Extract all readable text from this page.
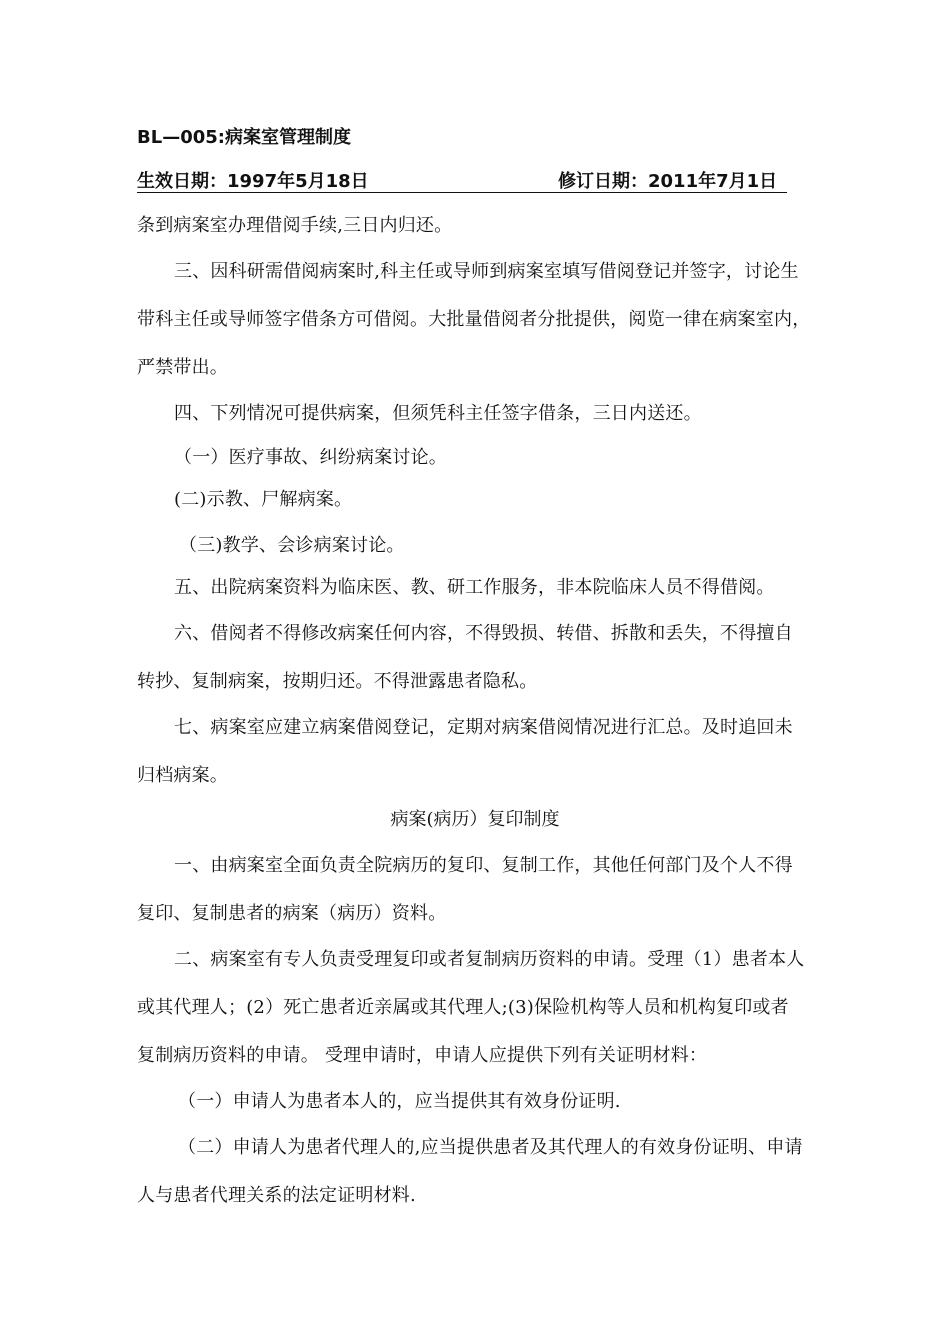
BL—005:病案室管理制度
生效日期：1997年5月18日	修订日期：2011年7月1日
条到病案室办理借阅手续,三日内归还。
三、因科研需借阅病案时,科主任或导师到病案室填写借阅登记并签字，讨论生
带科主任或导师签字借条方可借阅。大批量借阅者分批提供，阅览一律在病案室内，
严禁带出。
四、下列情况可提供病案，但须凭科主任签字借条，三日内送还。
（一）医疗事故、纠纷病案讨论。
(二)示教、尸解病案。
（三)教学、会诊病案讨论。
五、出院病案资料为临床医、教、研工作服务，非本院临床人员不得借阅。
六、借阅者不得修改病案任何内容，不得毁损、转借、拆散和丢失，不得擅自
转抄、复制病案，按期归还。不得泄露患者隐私。
七、病案室应建立病案借阅登记，定期对病案借阅情况进行汇总。及时追回未
归档病案。
病案(病历）复印制度
一、由病案室全面负责全院病历的复印、复制工作，其他任何部门及个人不得
复印、复制患者的病案（病历）资料。
二、病案室有专人负责受理复印或者复制病历资料的申请。受理（1）患者本人
或其代理人；(2）死亡患者近亲属或其代理人;(3)保险机构等人员和机构复印或者
复制病历资料的申请。 受理申请时，申请人应提供下列有关证明材料：
（一）申请人为患者本人的，应当提供其有效身份证明.
（二）申请人为患者代理人的,应当提供患者及其代理人的有效身份证明、申请
人与患者代理关系的法定证明材料.
